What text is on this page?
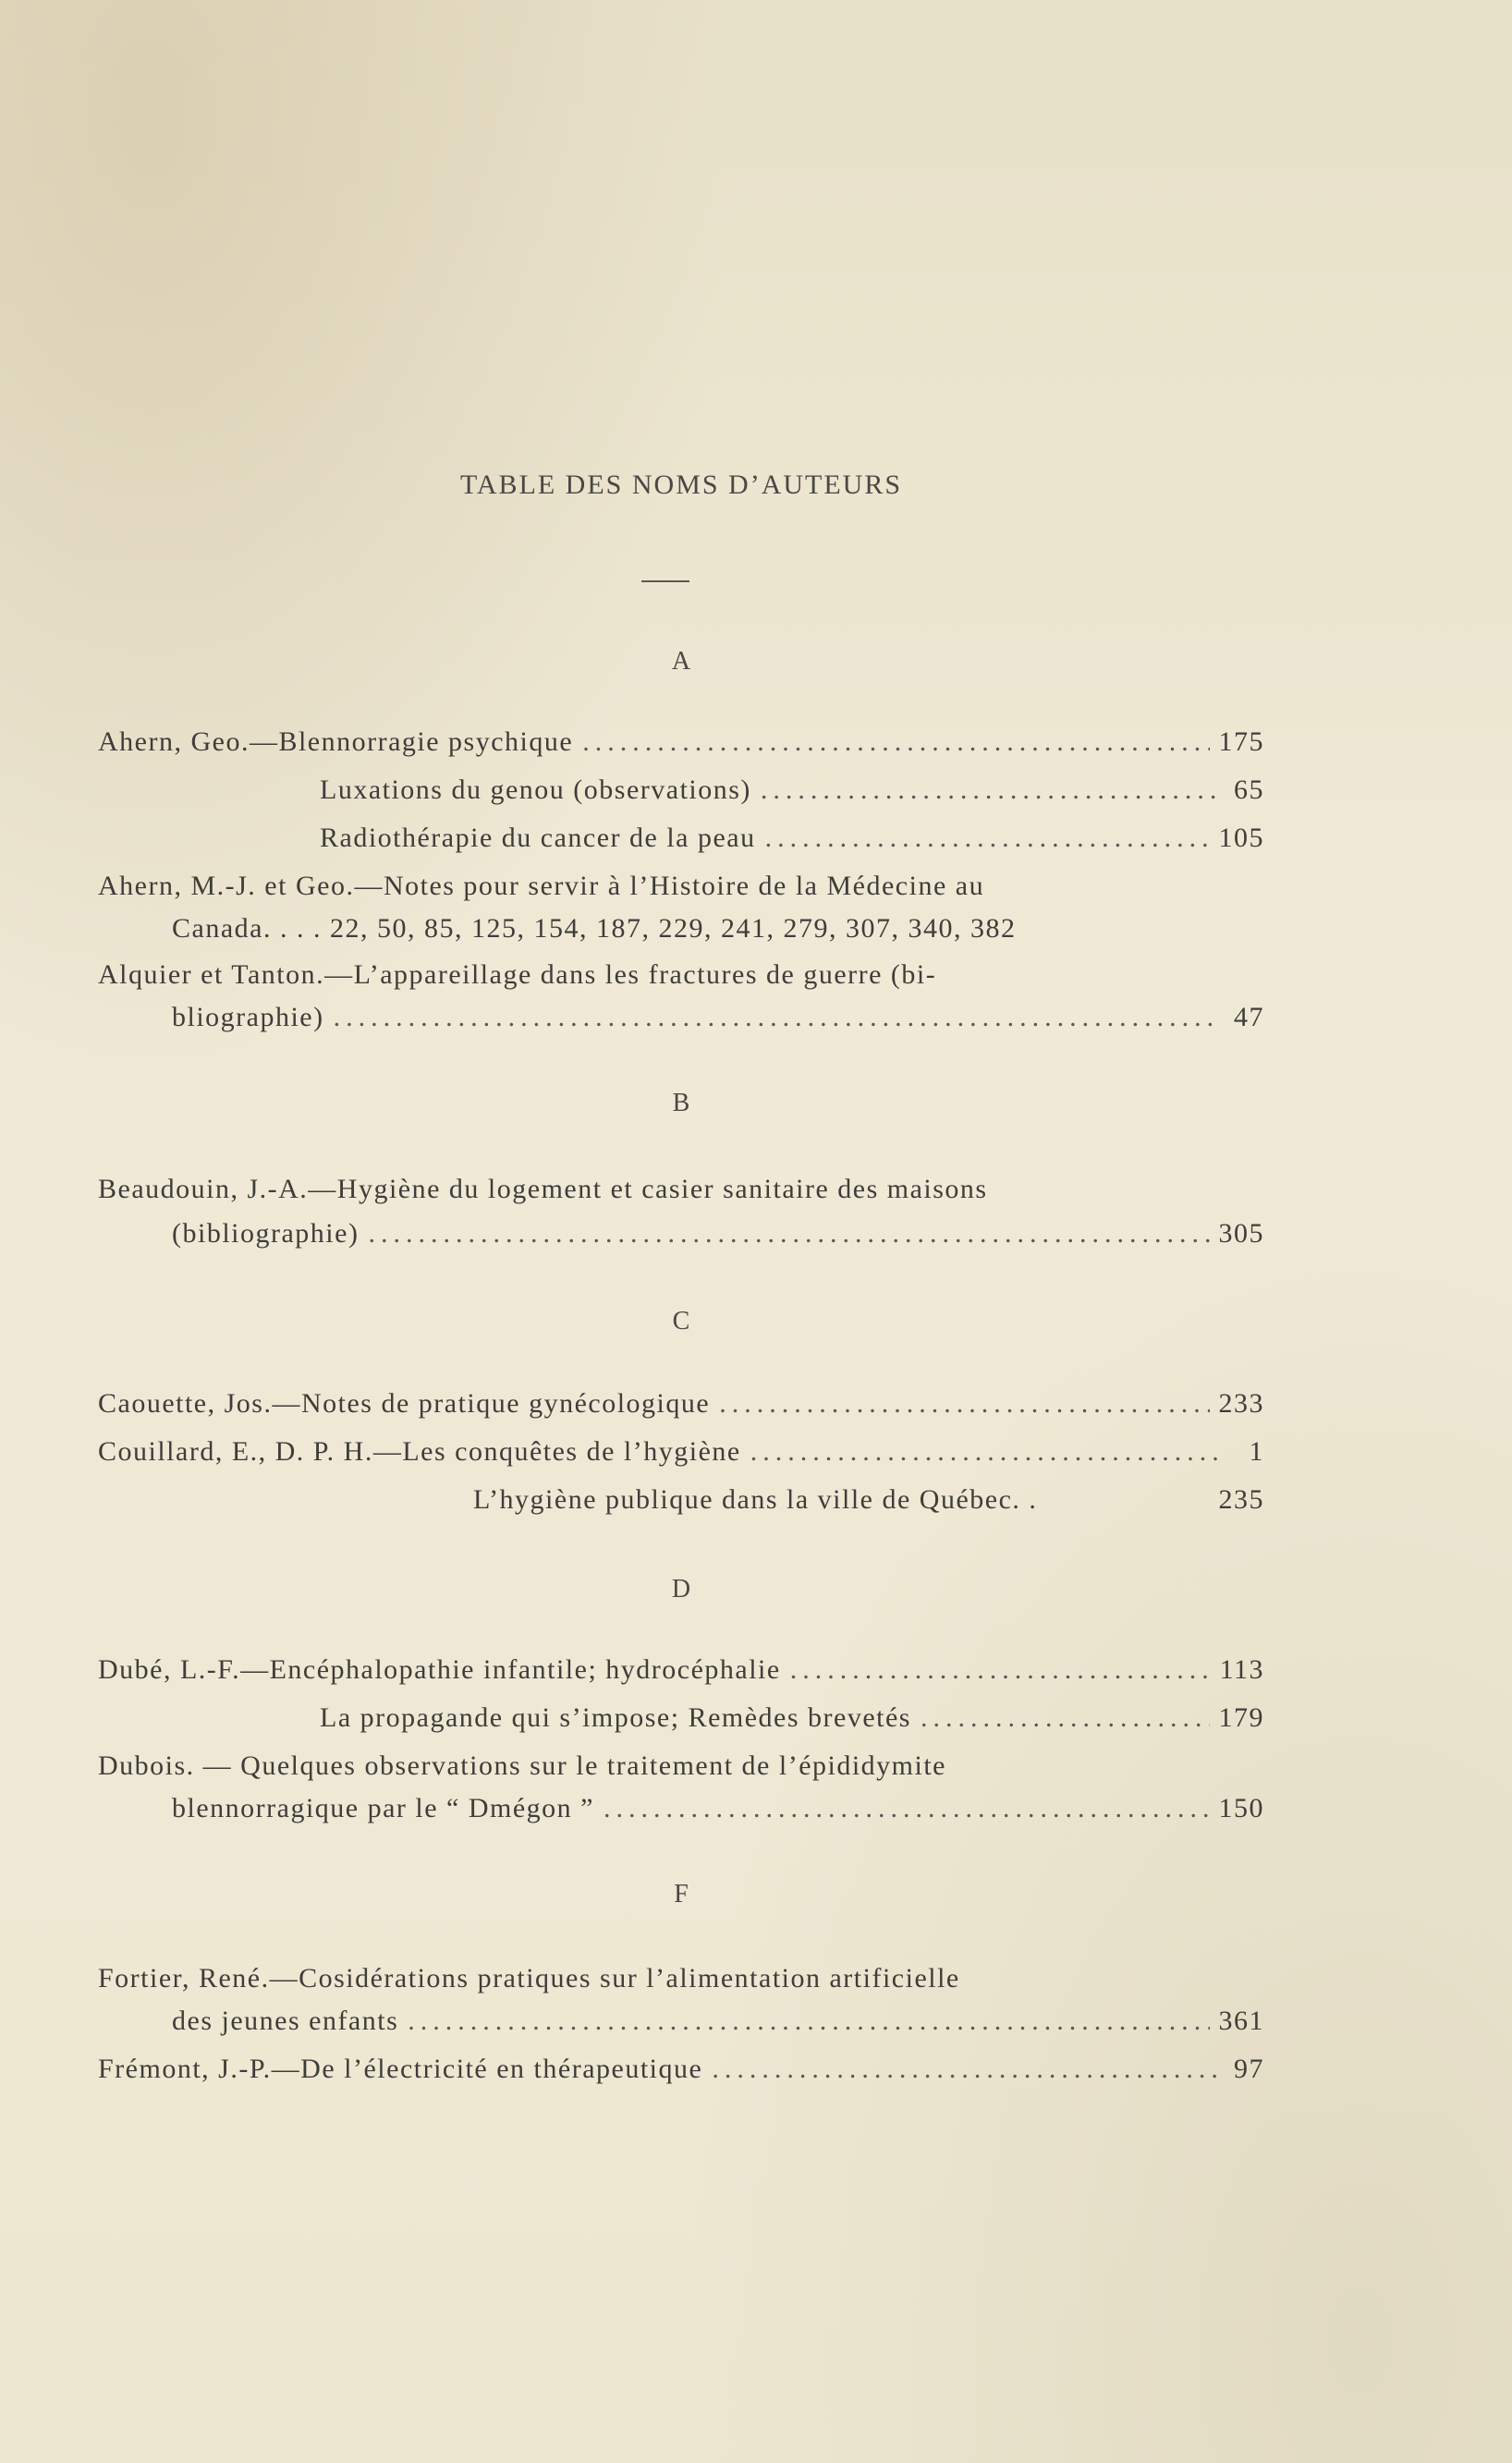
TABLE DES NOMS D’AUTEURS
A
Ahern, Geo.—Blennorragie psychique .....	175
Luxations du genou (observations) .....	65
Radiothérapie du cancer de la peau .....	105
Ahern, M.-J. et Geo.—Notes pour servir à l’Histoire de la Médecine au
Canada. . . . 22, 50, 85, 125, 154, 187, 229, 241, 279, 307, 340, 382
Alquier et Tanton.—L’appareillage dans les fractures de guerre (bi-
bliographie) .....	47
B
Beaudouin, J.-A.—Hygiène du logement et casier sanitaire des maisons
(bibliographie) .....	305
C
Caouette, Jos.—Notes de pratique gynécologique .....	233
Couillard, E., D. P. H.—Les conquêtes de l’hygiène .....	1
L’hygiène publique dans la ville de Québec. .	235
D
Dubé, L.-F.—Encéphalopathie infantile; hydrocéphalie .....	113
La propagande qui s’impose; Remèdes brevetés .....	179
Dubois. — Quelques observations sur le traitement de l’épididymite
blennorragique par le “ Dmégon ” .....	150
F
Fortier, René.—Cosidérations pratiques sur l’alimentation artificielle
des jeunes enfants .....	361
Frémont, J.-P.—De l’électricité en thérapeutique .....	97
